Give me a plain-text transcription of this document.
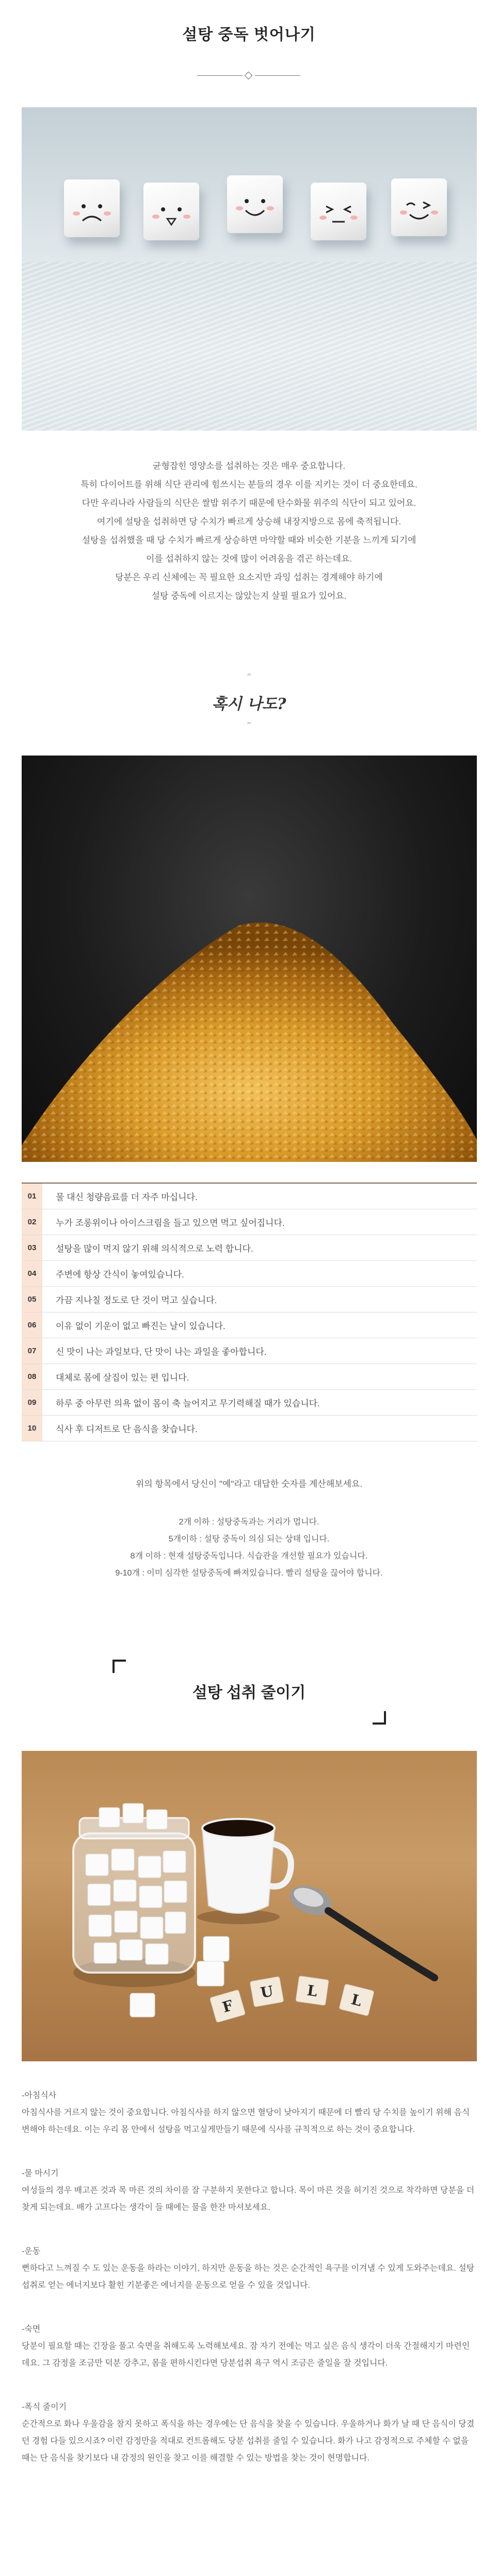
설탕 중독 벗어나기

균형잡힌 영양소를 섭취하는 것은 매우 중요합니다.

특히 다이어트를 위해 식단 관리에 힘쓰시는 분들의 경우 이를 지키는 것이 더 중요한데요.

다만 우리나라 사람들의 식단은 쌀밥 위주기 때문에 탄수화물 위주의 식단이 되고 있어요.

여기에 설탕을 섭취하면 당 수치가 빠르게 상승해 내장지방으로 몸에 축적됩니다.

설탕을 섭취했을 때 당 수치가 빠르게 상승하면 마약할 때와 비슷한 기분을 느끼게 되기에

이를 섭취하지 않는 것에 많이 어려움을 겪곤 하는데요.

당분은 우리 신체에는 꼭 필요한 요소지만 과잉 섭취는 경계해야 하기에

설탕 중독에 이르지는 않았는지 살필 필요가 있어요.

“
혹시 나도?
”
01	물 대신 청량음료를 더 자주 마십니다.
02	누가 조롱위이나 아이스크림을 들고 있으면 먹고 싶어집니다.
03	설탕을 많이 먹지 않기 위해 의식적으로 노력 합니다.
04	주변에 항상 간식이 놓여있습니다.
05	가끔 지나칠 정도로 단 것이 먹고 싶습니다.
06	이유 없이 기운이 없고 빠진는 날이 있습니다.
07	신 맛이 나는 과일보다, 단 맛이 나는 과일을 좋아합니다.
08	대체로 몸에 살집이 있는 편 입니다.
09	하루 중 아무런 의욕 없이 몸이 축 늘어지고 무기력해질 때가 있습니다.
10	식사 후 디저트로 단 음식을 찾습니다.

위의 항목에서 당신이 "예"라고 대답한 숫자를 계산해보세요.

2개 이하 : 설탕중독과는 거리가 멉니다.

5개이하 : 설탕 중독이 의심 되는 상태 입니다.

8개 이하 : 현재 설탕중독입니다. 식습관을 개선할 필요가 있습니다.

9-10개 : 이미 심각한 설탕중독에 빠져있습니다. 빨리 설탕을 끊어야 합니다.

설탕 섭취 줄이기
F
U L L

-아침식사

아침식사를 거르지 않는 것이 중요합니다. 아침식사를 하지 않으면 혈당이 낮아지기 때문에 더 빨리 당 수치를 높이기 위해 음식 변해야 하는데요. 이는 우리 몸 안에서 설탕을 먹고싶게만들기 때문에 식사를 규칙적으로 하는 것이 중요합니다.

-물 마시기

여성들의 경우 배고픈 것과 목 마른 것의 차이를 잘 구분하지 못한다고 합니다. 목이 마른 것을 허기진 것으로 착각하면 당분을 더 찾게 되는데요. 배가 고프다는 생각이 들 때에는 물을 한잔 마셔보세요.

-운동

뻔하다고 느껴질 수 도 있는 운동을 하라는 이야기, 하지만 운동을 하는 것은 순간적인 욕구를 이겨낼 수 있게 도와주는데요. 설탕 섭취로 얻는 에너지보다 활힌 기분좋은 에너지를 운동으로 얻을 수 있을 것입니다.

-숙면

당분이 필요할 때는 긴장을 풀고 숙면을 취해도록 노력해보세요. 잠 자기 전에는 먹고 싶은 음식 생각이 더욱 간절해지기 마련인데요. 그 감정을 조금만 덕분 강추고, 몸을 편하시킨다면 당분섭취 욕구 역시 조금은 줄일을 잘 것입니다.

-폭식 줄이기

순간적으로 화나 우울감을 참지 못하고 폭식을 하는 경우에는 단 음식을 찾을 수 있습니다. 우울하거나 화가 날 때 단 음식이 당겼던 경험 다들 있으시죠? 이런 감정만을 적대로 컨트롤해도 당분 섭취를 줄일 수 있습니다. 화가 나고 감정적으로 주체할 수 없을 때는 단 음식을 찾기보다 내 감정의 원인을 찾고 이를 해결할 수 있는 방법을 찾는 것이 현명합니다.
